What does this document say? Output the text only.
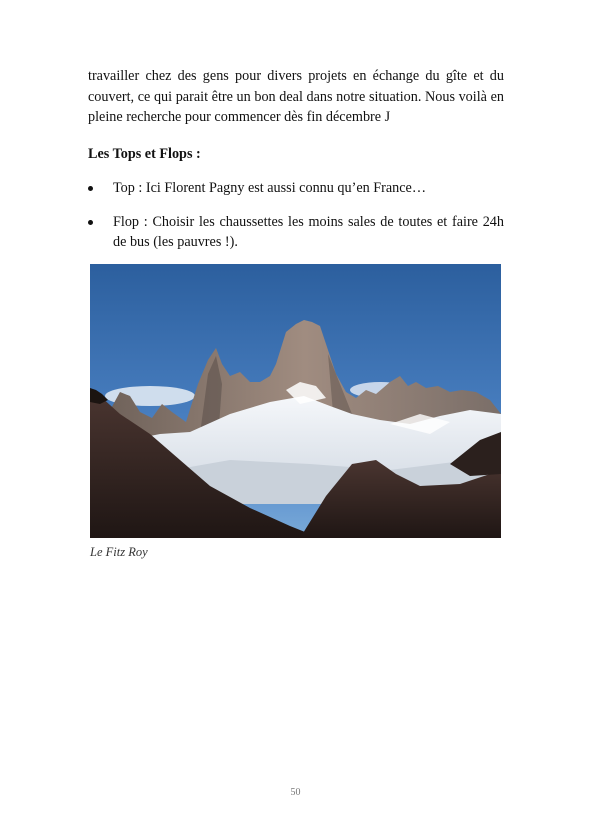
travailler chez des gens pour divers projets en échange du gîte et du couvert, ce qui parait être un bon deal dans notre situation. Nous voilà en pleine recherche pour commencer dès fin décembre J

Les Tops et Flops :

Top : Ici Florent Pagny est aussi connu qu’en France…
Flop : Choisir les chaussettes les moins sales de toutes et faire 24h de bus (les pauvres !).

Le Fitz Roy

50
